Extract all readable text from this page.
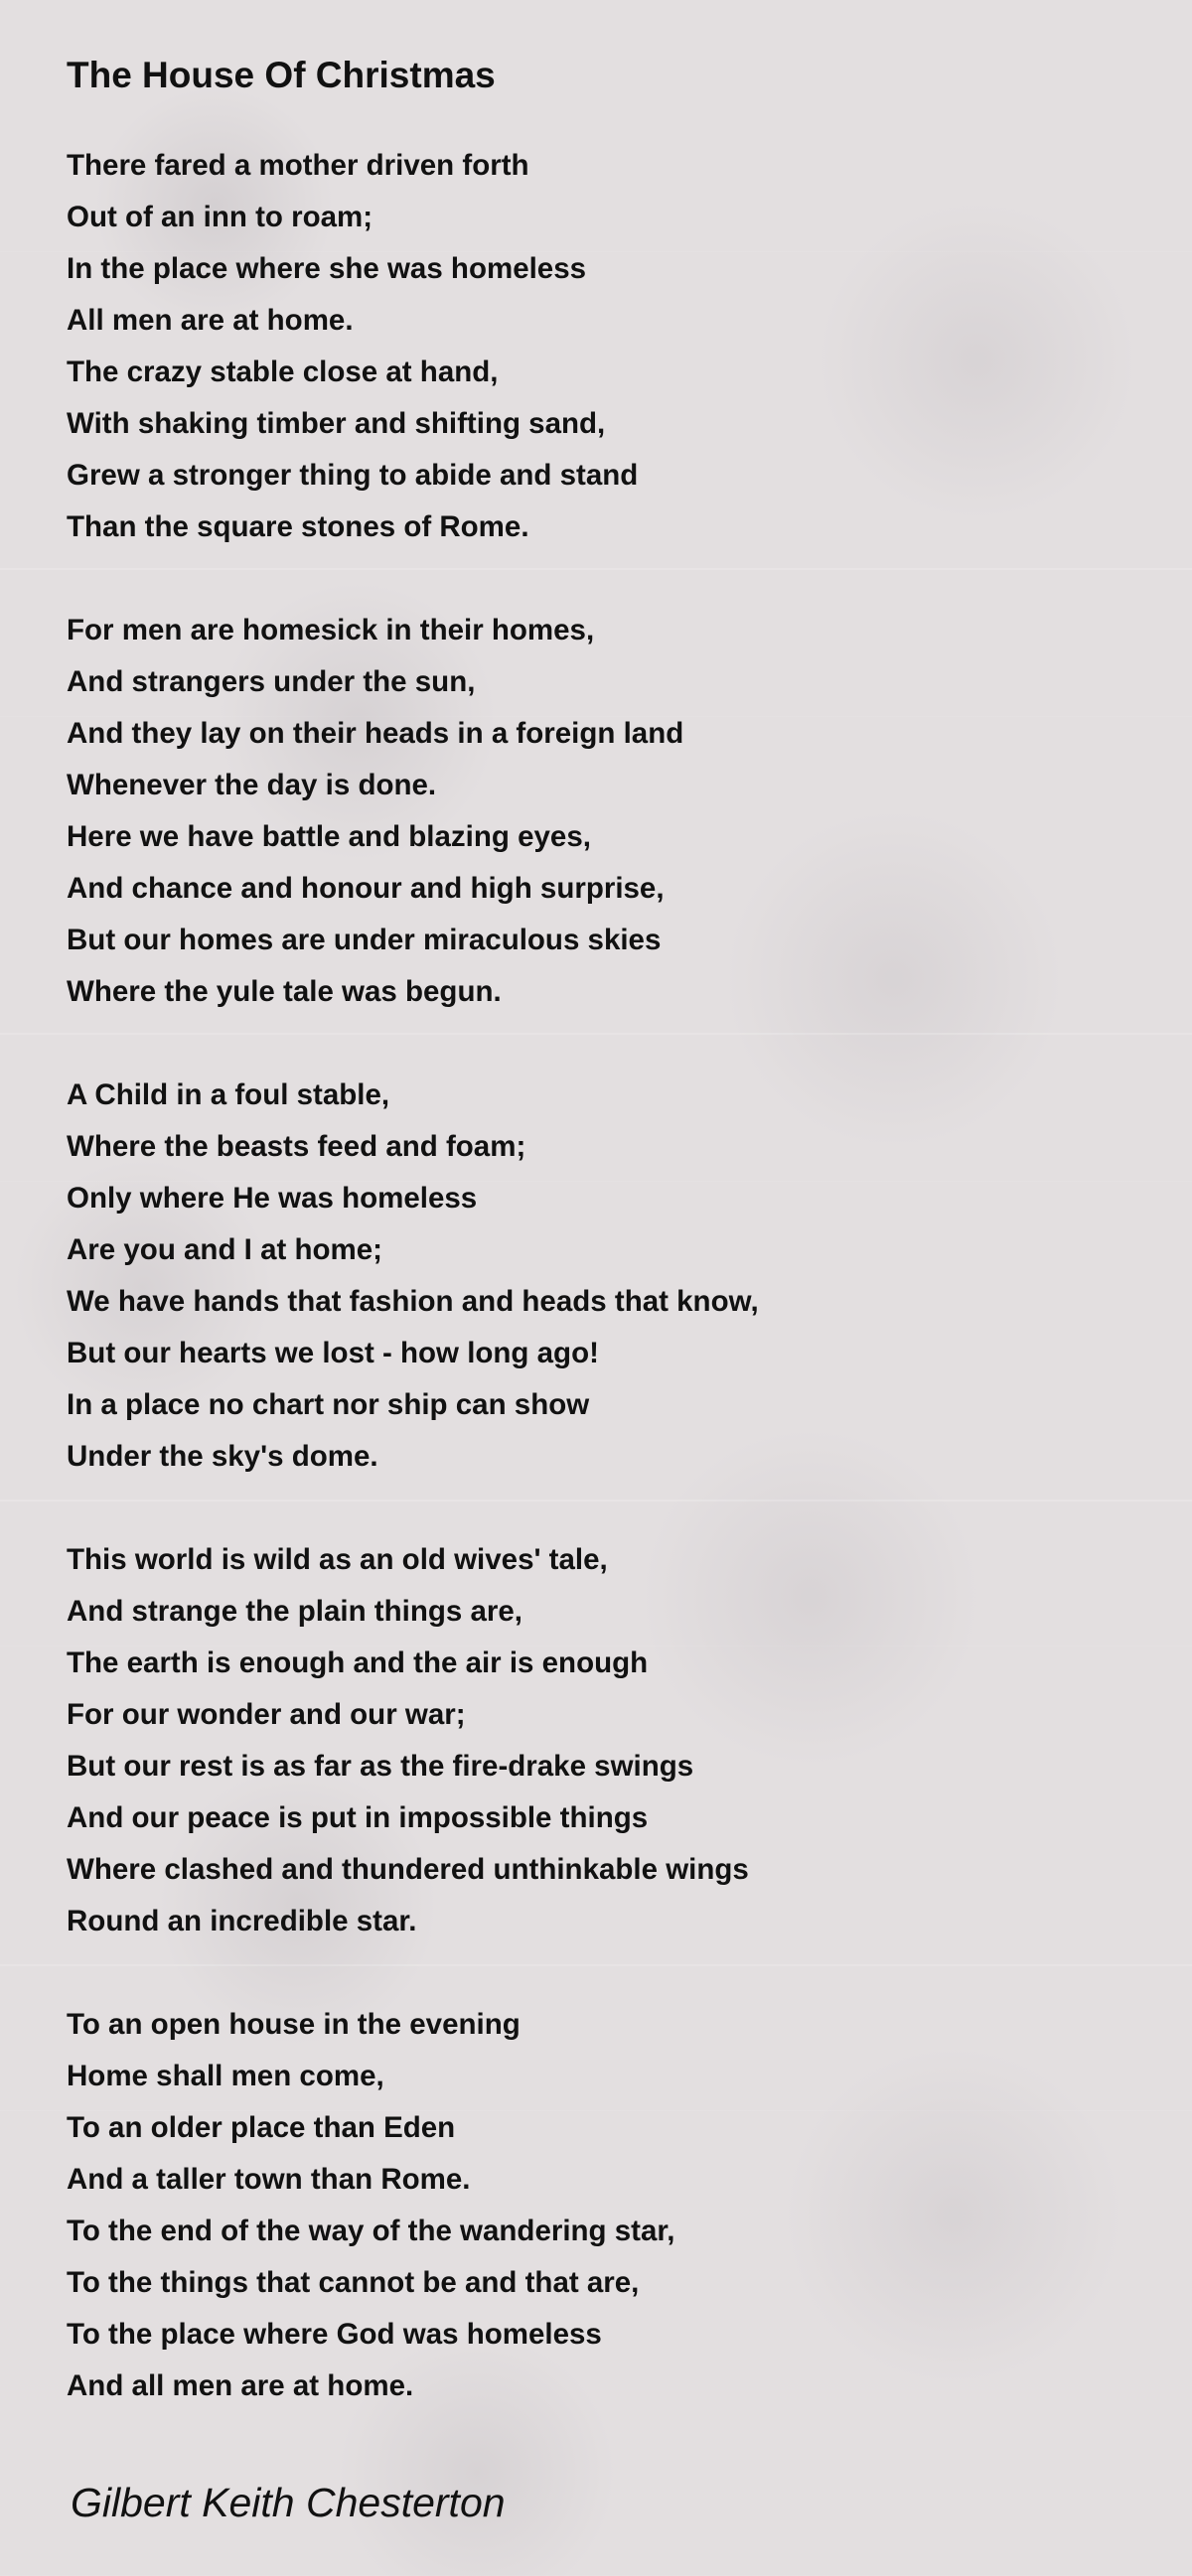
The House Of Christmas
There fared a mother driven forth
Out of an inn to roam;
In the place where she was homeless
All men are at home.
The crazy stable close at hand,
With shaking timber and shifting sand,
Grew a stronger thing to abide and stand
Than the square stones of Rome.
For men are homesick in their homes,
And strangers under the sun,
And they lay on their heads in a foreign land
Whenever the day is done.
Here we have battle and blazing eyes,
And chance and honour and high surprise,
But our homes are under miraculous skies
Where the yule tale was begun.
A Child in a foul stable,
Where the beasts feed and foam;
Only where He was homeless
Are you and I at home;
We have hands that fashion and heads that know,
But our hearts we lost - how long ago!
In a place no chart nor ship can show
Under the sky's dome.
This world is wild as an old wives' tale,
And strange the plain things are,
The earth is enough and the air is enough
For our wonder and our war;
But our rest is as far as the fire-drake swings
And our peace is put in impossible things
Where clashed and thundered unthinkable wings
Round an incredible star.
To an open house in the evening
Home shall men come,
To an older place than Eden
And a taller town than Rome.
To the end of the way of the wandering star,
To the things that cannot be and that are,
To the place where God was homeless
And all men are at home.
Gilbert Keith Chesterton
